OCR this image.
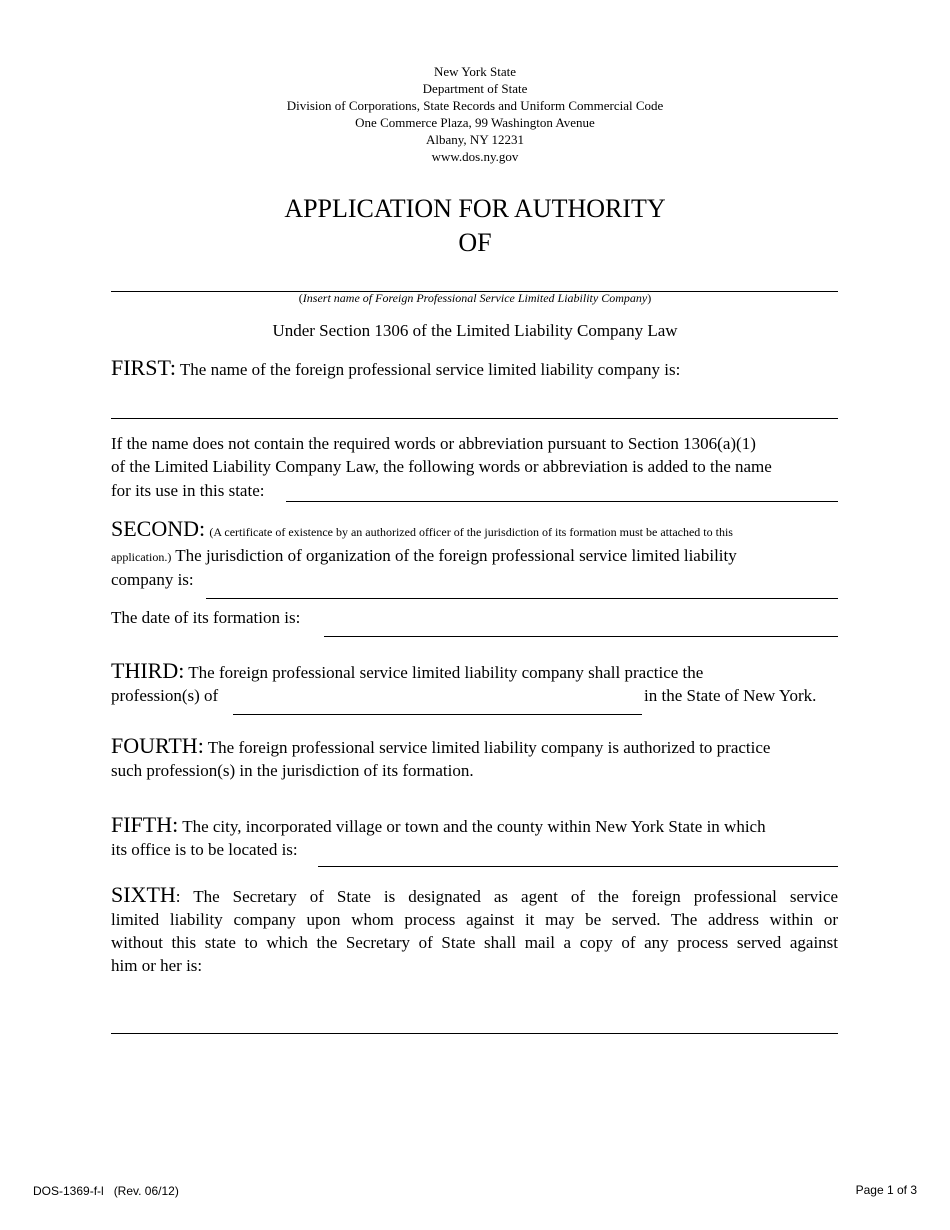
New York State
Department of State
Division of Corporations, State Records and Uniform Commercial Code
One Commerce Plaza, 99 Washington Avenue
Albany, NY 12231
www.dos.ny.gov
APPLICATION FOR AUTHORITY
OF
(Insert name of Foreign Professional Service Limited Liability Company)
Under Section 1306 of the Limited Liability Company Law
FIRST: The name of the foreign professional service limited liability company is:
If the name does not contain the required words or abbreviation pursuant to Section 1306(a)(1)
of the Limited Liability Company Law, the following words or abbreviation is added to the name
for its use in this state:
SECOND: (A certificate of existence by an authorized officer of the jurisdiction of its formation must be attached to this
application.) The jurisdiction of organization of the foreign professional service limited liability
company is:
The date of its formation is:
THIRD: The foreign professional service limited liability company shall practice the
profession(s) of	in the State of New York.
FOURTH: The foreign professional service limited liability company is authorized to practice
such profession(s) in the jurisdiction of its formation.
FIFTH: The city, incorporated village or town and the county within New York State in which
its office is to be located is:
SIXTH: The Secretary of State is designated as agent of the foreign professional service
limited liability company upon whom process against it may be served. The address within or
without this state to which the Secretary of State shall mail a copy of any process served against
him or her is:
DOS-1369-f-l   (Rev. 06/12)	Page 1 of 3
